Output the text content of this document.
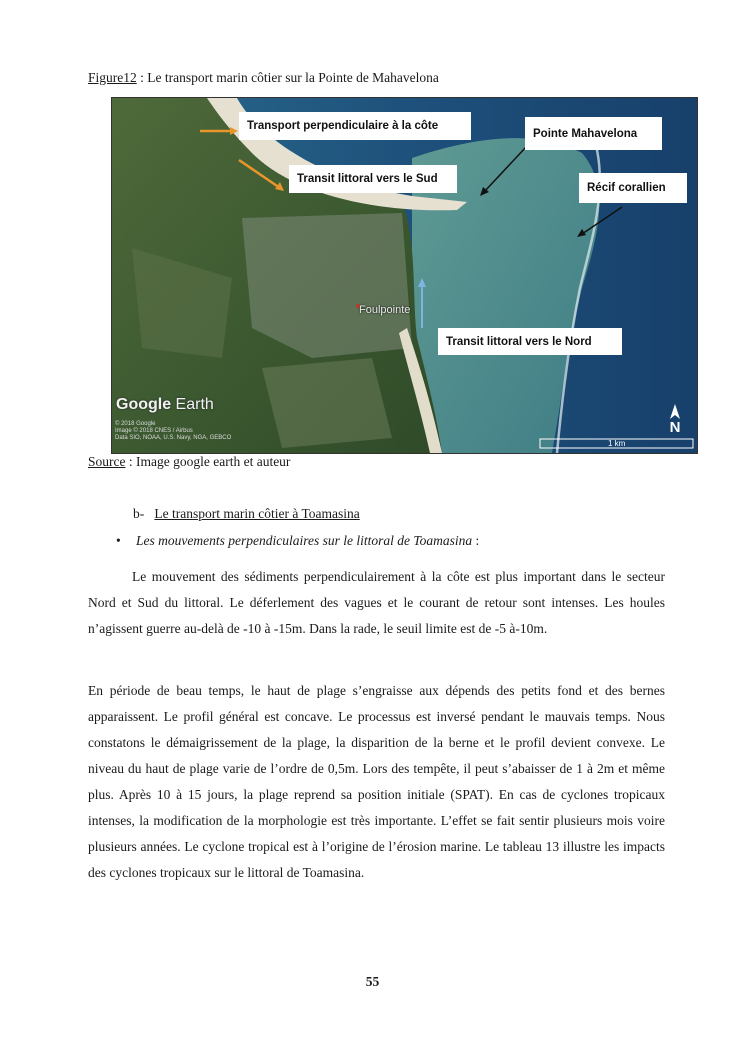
Figure12 : Le transport marin côtier sur la Pointe de Mahavelona
Transport perpendiculaire à la côte
Pointe Mahavelona
Transit littoral vers le Sud
Récif corallien
Transit littoral vers le Nord
Foulpointe
Google Earth
© 2018 Google
Image © 2018 CNES / Airbus
Data SIO, NOAA, U.S. Navy, NGA, GEBCO
1 km
N
Source : Image google earth et auteur
b- Le transport marin côtier à Toamasina
• Les mouvements perpendiculaires sur le littoral de Toamasina :

Le mouvement des sédiments perpendiculairement à la côte est plus important dans le secteur Nord et Sud du littoral. Le déferlement des vagues et le courant de retour sont intenses. Les houles n’agissent guerre au-delà de -10 à -15m. Dans la rade, le seuil limite est de -5 à-10m.

En période de beau temps, le haut de plage s’engraisse aux dépends des petits fond et des bernes apparaissent. Le profil général est concave. Le processus est inversé pendant le mauvais temps. Nous constatons le démaigrissement de la plage, la disparition de la berne et le profil devient convexe. Le niveau du haut de plage varie de l’ordre de 0,5m. Lors des tempête, il peut s’abaisser de 1 à 2m et même plus. Après 10 à 15 jours, la plage reprend sa position initiale (SPAT). En cas de cyclones tropicaux intenses, la modification de la morphologie est très importante. L’effet se fait sentir plusieurs mois voire plusieurs années. Le cyclone tropical est à l’origine de l’érosion marine. Le tableau 13 illustre les impacts des cyclones tropicaux sur le littoral de Toamasina.

55
